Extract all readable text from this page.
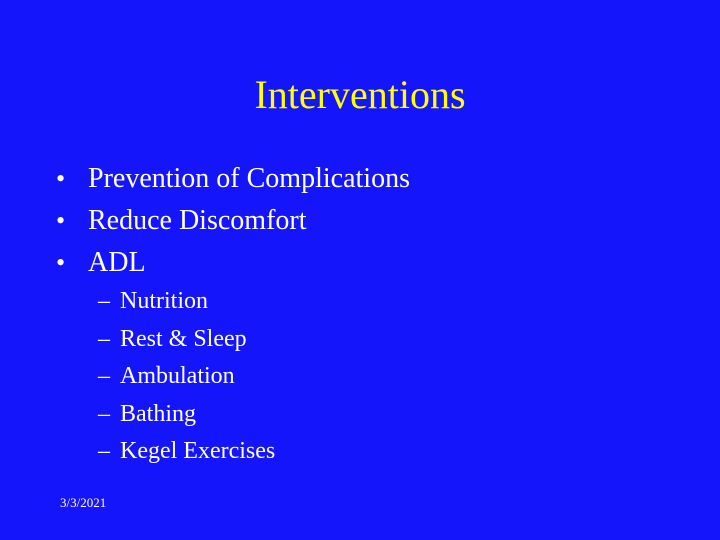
Interventions
• Prevention of Complications
• Reduce Discomfort
• ADL
– Nutrition
– Rest & Sleep
– Ambulation
– Bathing
– Kegel Exercises
3/3/2021
